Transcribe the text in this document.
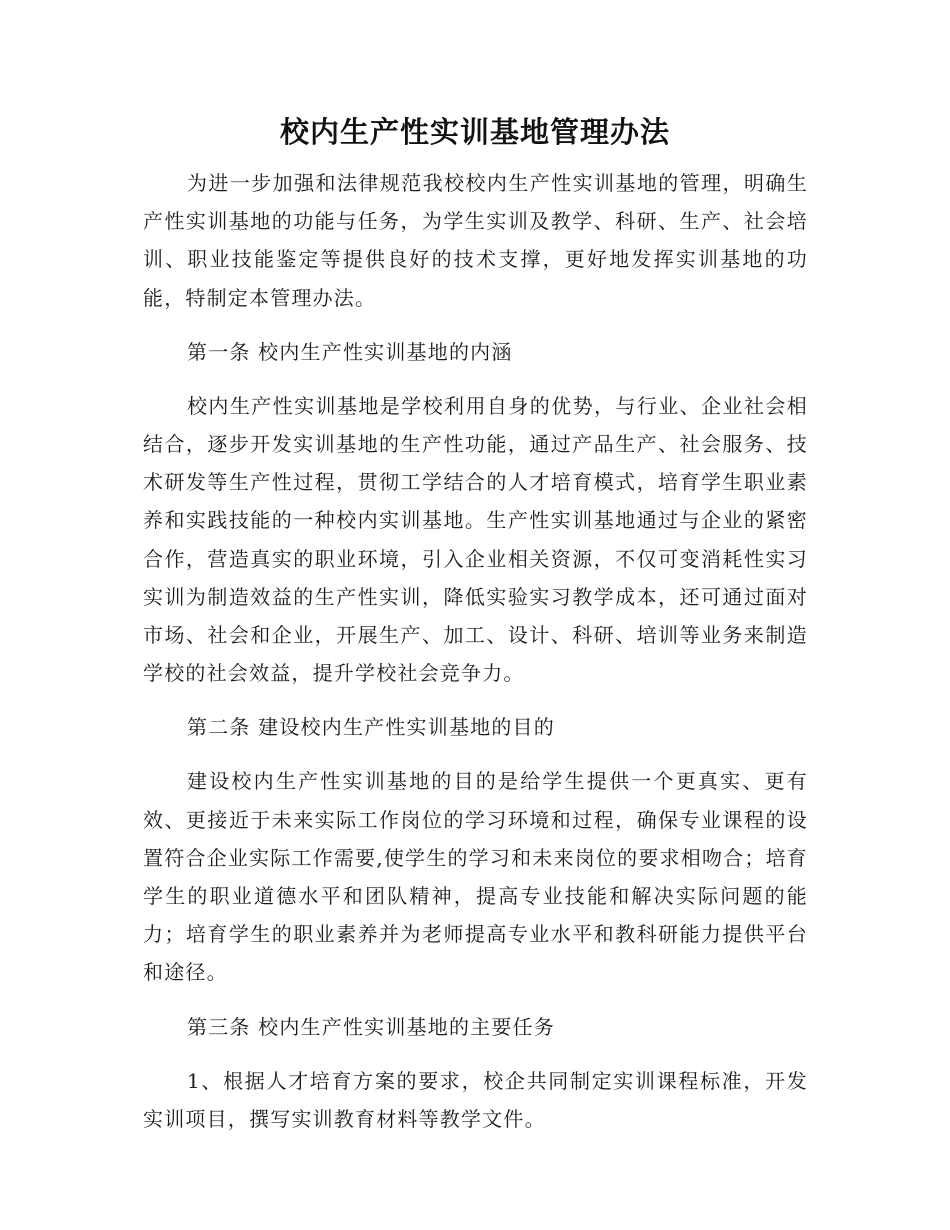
校内生产性实训基地管理办法

为进一步加强和法律规范我校校内生产性实训基地的管理，明确生产性实训基地的功能与任务，为学生实训及教学、科研、生产、社会培训、职业技能鉴定等提供良好的技术支撑，更好地发挥实训基地的功能，特制定本管理办法。

第一条 校内生产性实训基地的内涵

校内生产性实训基地是学校利用自身的优势，与行业、企业社会相结合，逐步开发实训基地的生产性功能，通过产品生产、社会服务、技术研发等生产性过程，贯彻工学结合的人才培育模式，培育学生职业素养和实践技能的一种校内实训基地。生产性实训基地通过与企业的紧密合作，营造真实的职业环境，引入企业相关资源，不仅可变消耗性实习实训为制造效益的生产性实训，降低实验实习教学成本，还可通过面对市场、社会和企业，开展生产、加工、设计、科研、培训等业务来制造学校的社会效益，提升学校社会竞争力。

第二条 建设校内生产性实训基地的目的

建设校内生产性实训基地的目的是给学生提供一个更真实、更有效、更接近于未来实际工作岗位的学习环境和过程，确保专业课程的设置符合企业实际工作需要,使学生的学习和未来岗位的要求相吻合；培育学生的职业道德水平和团队精神，提高专业技能和解决实际问题的能力；培育学生的职业素养并为老师提高专业水平和教科研能力提供平台和途径。

第三条 校内生产性实训基地的主要任务

1、根据人才培育方案的要求，校企共同制定实训课程标准，开发实训项目，撰写实训教育材料等教学文件。
